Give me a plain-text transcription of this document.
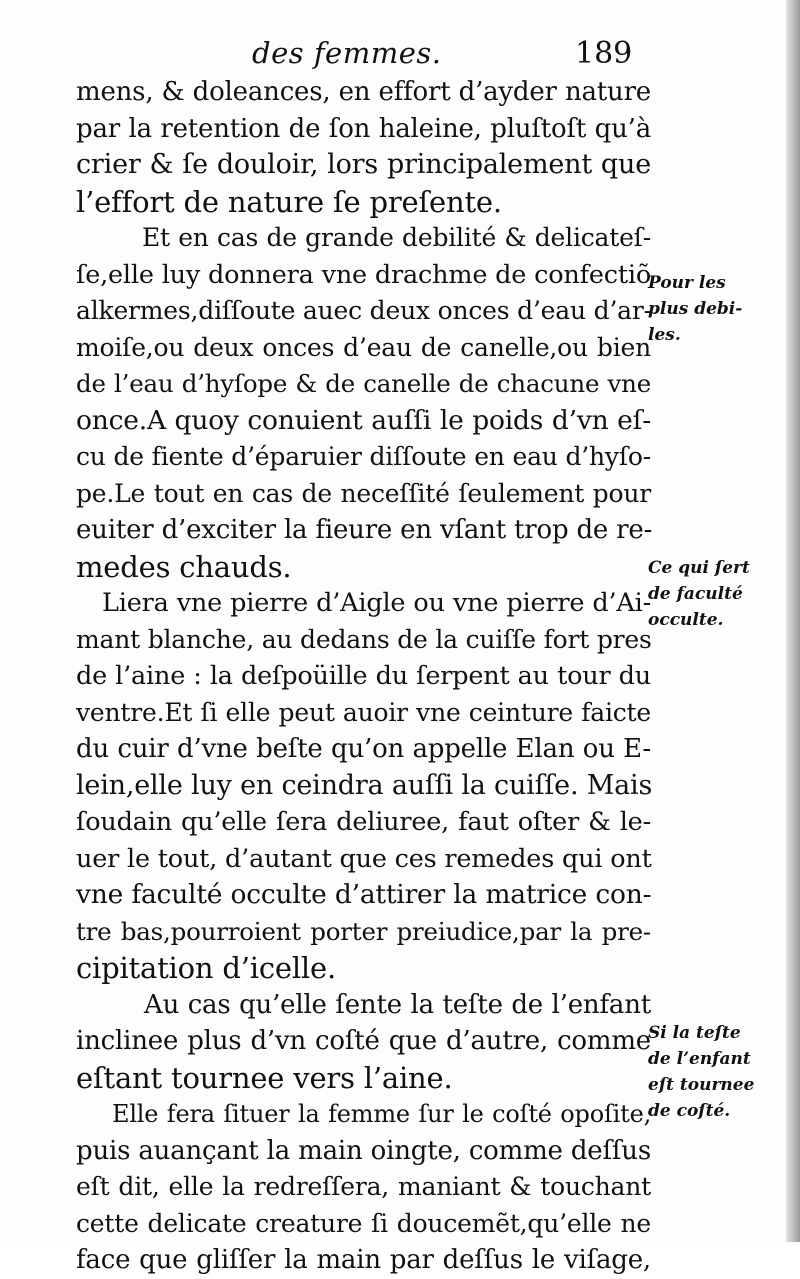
des femmes.	189
mens, & doleances, en effort d’ayder nature
par la retention de ſon haleine, pluſtoſt qu’à
crier & ſe douloir, lors principalement que
l’effort de nature ſe preſente.
Et en cas de grande debilité & delicateſ-
ſe,elle luy donnera vne drachme de confectiõ
alkermes,diſſoute auec deux onces d’eau d’ar-
moiſe,ou deux onces d’eau de canelle,ou bien
de l’eau d’hyſope & de canelle de chacune vne
once.A quoy conuient auſſi le poids d’vn eſ-
cu de fiente d’éparuier diſſoute en eau d’hyſo-
pe.Le tout en cas de neceſſité ſeulement pour
euiter d’exciter la fieure en vſant trop de re-
medes chauds.
Liera vne pierre d’Aigle ou vne pierre d’Ai-
mant blanche, au dedans de la cuiſſe fort pres
de l’aine : la deſpoüille du ſerpent au tour du
ventre.Et ſi elle peut auoir vne ceinture faicte
du cuir d’vne beſte qu’on appelle Elan ou E-
lein,elle luy en ceindra auſſi la cuiſſe. Mais
ſoudain qu’elle ſera deliuree, faut oſter & le-
uer le tout, d’autant que ces remedes qui ont
vne faculté occulte d’attirer la matrice con-
tre bas,pourroient porter preiudice,par la pre-
cipitation d’icelle.
Au cas qu’elle ſente la teſte de l’enfant
inclinee plus d’vn coſté que d’autre, comme
eſtant tournee vers l’aine.
Elle fera ſituer la femme ſur le coſté opoſite,
puis auançant la main oingte, comme deſſus
eſt dit, elle la redreſſera, maniant & touchant
cette delicate creature ſi doucemẽt,qu’elle ne
face que gliſſer la main par deſſus le viſage,
Pour les
plus debi-
les.
Ce qui ſert
de faculté
occulte.
Si la teſte
de l’enfant
eſt tournee
de coſté.
